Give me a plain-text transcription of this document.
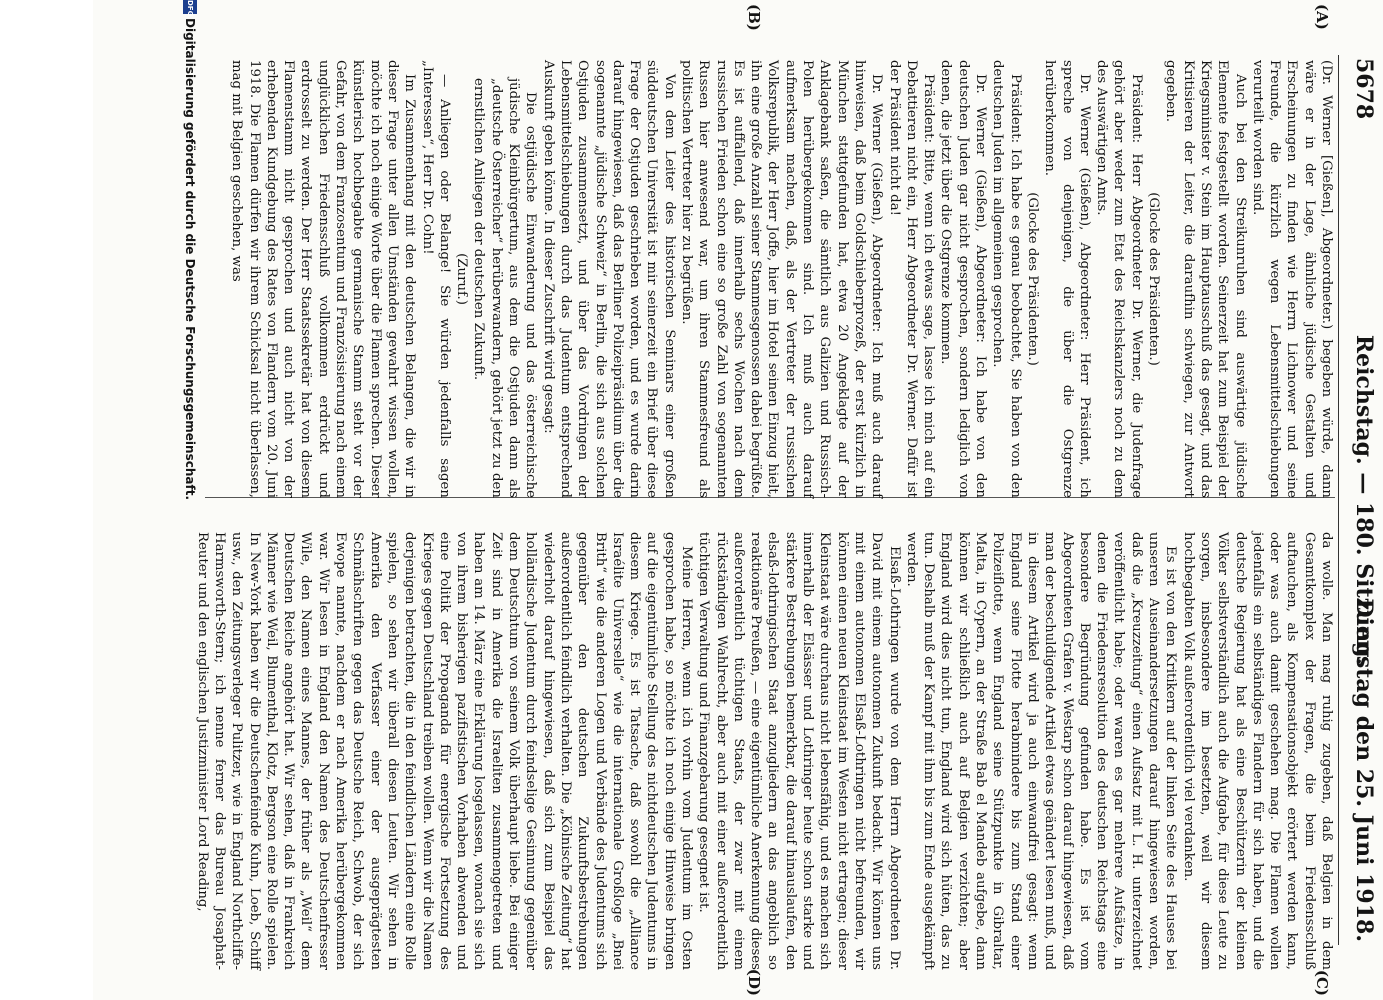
5678
Reichstag. — 180. Sitzung.
Dienstag den 25. Juni 1918.
(A)
(B)
(C)
(D)

(Dr. Werner [Gießen], Abgeordneter.) begeben würde, dann wäre er in der Lage, ähnliche jüdische Gestalten und Erscheinungen zu finden wie Herrn Lichnower und seine Freunde, die kürzlich wegen Lebensmittelschiebungen verurteilt worden sind.

Auch bei den Streikunruhen sind auswärtige jüdische Elemente festgestellt worden. Seinerzeit hat zum Beispiel der Kriegsminister v. Stein im Hauptausschuß das gesagt, und das Kritisieren der Leiter, die daraufhin schwiegen, zur Antwort gegeben.

(Glocke des Präsidenten.)

Präsident: Herr Abgeordneter Dr. Werner, die Judenfrage gehört aber weder zum Etat des Reichskanzlers noch zu dem des Auswärtigen Amts.

Dr. Werner (Gießen), Abgeordneter: Herr Präsident, ich spreche von denjenigen, die über die Ostgrenze herüberkommen.

(Glocke des Präsidenten.)

Präsident: Ich habe es genau beobachtet, Sie haben von den deutschen Juden im allgemeinen gesprochen.

Dr. Werner (Gießen), Abgeordneter: Ich habe von den deutschen Juden gar nicht gesprochen, sondern lediglich von denen, die jetzt über die Ostgrenze kommen.

Präsident: Bitte, wenn ich etwas sage, lasse ich mich auf ein Debattieren nicht ein, Herr Abgeordneter Dr. Werner. Dafür ist der Präsident nicht da!

Dr. Werner (Gießen), Abgeordneter: Ich muß auch darauf hinweisen, daß beim Goldschieberprozeß, der erst kürzlich in München stattgefunden hat, etwa 20 Angeklagte auf der Anklagebank saßen, die sämtlich aus Galizien und Russisch-Polen herübergekommen sind. Ich muß auch darauf aufmerksam machen, daß, als der Vertreter der russischen Volksrepublik, der Herr Joffe, hier im Hotel seinen Einzug hielt, ihn eine große Anzahl seiner Stammesgenossen dabei begrüßte. Es ist auffallend, daß innerhalb sechs Wochen nach dem russischen Frieden schon eine so große Zahl von sogenannten Russen hier anwesend war, um ihren Stammesfreund als politischen Vertreter hier zu begrüßen.

Von dem Leiter des historischen Seminars einer großen süddeutschen Universität ist mir seinerzeit ein Brief über diese Frage der Ostjuden geschrieben worden, und es wurde darin darauf hingewiesen, daß das Berliner Polizeipräsidium über die sogenannte „jüdische Schweiz“ in Berlin, die sich aus solchen Ostjuden zusammensetzt, und über das Vordringen der Lebensmittelschiebungen durch das Judentum entsprechend Auskunft geben könne. In dieser Zuschrift wird gesagt:

Die ostjüdische Einwanderung und das österreichische jüdische Kleinbürgertum, aus dem die Ostjuden dann als „deutsche Österreicher“ herüberwandern, gehört jetzt zu den ernstlichen Anliegen der deutschen Zukunft.

(Zuruf.)

— Anliegen oder Belange! Sie würden jedenfalls sagen „Interessen“, Herr Dr. Cohn!

Im Zusammenhang mit den deutschen Belangen, die wir in dieser Frage unter allen Umständen gewahrt wissen wollen, möchte ich noch einige Worte über die Flamen sprechen. Dieser künstlerisch hochbegabte germanische Stamm steht vor der Gefahr, von dem Franzosentum und Französisierung nach einem unglücklichen Friedensschluß vollkommen erdrückt und erdrosselt zu werden. Der Herr Staatssekretär hat von diesem Flamenstamm nicht gesprochen und auch nicht von der erhebenden Kundgebung des Rates von Flandern vom 20. Juni 1918. Die Flamen dürfen wir ihrem Schicksal nicht überlassen, mag mit Belgien geschehen, was

da wolle. Man mag ruhig zugeben, daß Belgien in dem Gesamtkomplex der Fragen, die beim Friedensschluß auftauchen, als Kompensationsobjekt erörtert werden kann, oder was auch damit geschehen mag. Die Flamen wollen jedenfalls ein selbständiges Flandern für sich haben, und die deutsche Regierung hat als eine Beschützerin der kleinen Völker selbstverständlich auch die Aufgabe, für diese Leute zu sorgen, insbesondere im besetzten, weil wir diesem hochbegabten Volk außerordentlich viel verdanken.

Es ist von den Kritikern auf der linken Seite des Hauses bei unseren Auseinandersetzungen darauf hingewiesen worden, daß die „Kreuzzeitung“ einen Aufsatz mit L. H. unterzeichnet veröffentlicht habe; oder waren es gar mehrere Aufsätze, in denen die Friedensresolution des deutschen Reichstags eine besondere Begründung gefunden habe. Es ist vom Abgeordneten Grafen v. Westarp schon darauf hingewiesen, daß man der beschuldigende Artikel etwas geändert lesen muß, und in diesem Artikel wird ja auch einwandfrei gesagt: wenn England seine Flotte herabmindere bis zum Stand einer Polizeiflotte, wenn England seine Stützpunkte in Gibraltar, Malta, in Cypern, an der Straße Bab el Mandeb aufgebe, dann können wir schließlich auch auf Belgien verzichten; aber England wird dies nicht tun, England wird sich hüten, das zu tun. Deshalb muß der Kampf mit ihm bis zum Ende ausgekämpft werden.

Elsaß-Lothringen wurde von dem Herrn Abgeordneten Dr. David mit einem autonomen Zukunft bedacht. Wir können uns mit einem autonomen Elsaß-Lothringen nicht befreunden, wir können einen neuen Kleinstaat im Westen nicht ertragen; dieser Kleinstaat wäre durchaus nicht lebensfähig, und es machen sich innerhalb der Elsässer und Lothringer heute schon starke und stärkere Bestrebungen bemerkbar, die darauf hinauslaufen, den elsaß-lothringischen Staat anzugliedern an das angeblich so reaktionäre Preußen, — eine eigentümliche Anerkennung dieses außerordentlich tüchtigen Staats, der zwar mit einem rückständigen Wahlrecht, aber auch mit einer außerordentlich tüchtigen Verwaltung und Finanzgebarung gesegnet ist.

Meine Herren, wenn ich vorhin vom Judentum im Osten gesprochen habe, so möchte ich noch einige Hinweise bringen auf die eigentümliche Stellung des nichtdeutschen Judentums in diesem Kriege. Es ist Tatsache, daß sowohl die „Alliance Israélite Universelle“ wie die internationale Großloge „Bnei Brith“ wie die anderen Logen und Verbände des Judentums sich gegenüber den deutschen Zukunftsbestrebungen außerordentlich feindlich verhalten. Die „Kölnische Zeitung“ hat wiederholt darauf hingewiesen, daß sich zum Beispiel das holländische Judentum durch feindselige Gesinnung gegenüber dem Deutschtum von seinem Volk überhaupt liebe. Bei einiger Zeit sind in Amerika die Israeliten zusammengetreten und haben am 14. März eine Erklärung losgelassen, wonach sie sich von ihrem bisherigen pazifistischen Vorhaben abwenden und eine Politik der Propaganda für energische Fortsetzung des Krieges gegen Deutschland treiben wollen. Wenn wir die Namen derjenigen betrachten, die in den feindlichen Ländern eine Rolle spielen, so sehen wir überall diesen Leuten. Wir sehen in Amerika den Verfasser einer der ausgeprägtesten Schmähschriften gegen das Deutsche Reich, Schwob, der sich Ewope nannte, nachdem er nach Amerika herübergekommen war. Wir lesen in England den Namen des Deutschenfresser Wile, den Namen eines Mannes, der früher als „Weil“ dem Deutschen Reiche angehört hat. Wir sehen, daß in Frankreich Männer wie Weil, Blumenthal, Klotz, Bergson eine Rolle spielen. In New-York haben wir die Deutschenfeinde Kuhn, Loeb, Schiff usw., den Zeitungsverleger Pulitzer, wie in England Northcliffe-Harmsworth-Stern; ich nenne ferner das Bureau Josaphat-Reuter und den englischen Justizminister Lord Reading,

DFG
Digitalisierung gefördert durch die Deutsche Forschungsgemeinschaft.
